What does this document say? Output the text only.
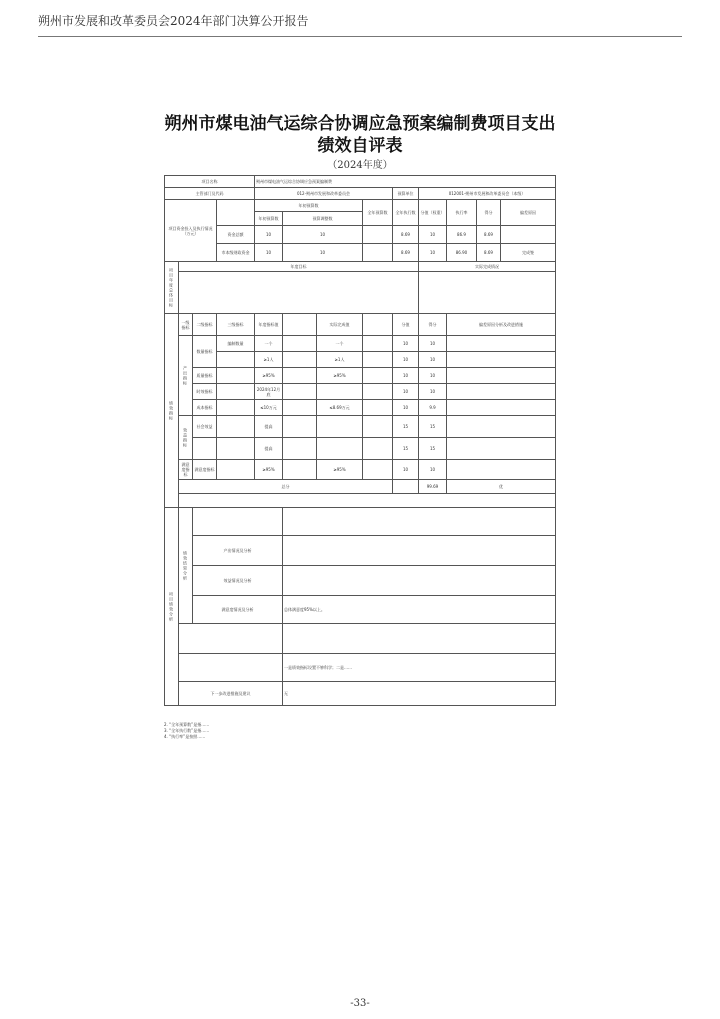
朔州市发展和改革委员会2024年部门决算公开报告
朔州市煤电油气运综合协调应急预案编制费项目支出
绩效自评表
（2024年度）
项目名称				朔州市煤电油气运综合协调应急预案编制费								
主管部门及代码				012-朔州市发展和改革委员会				预算单位	012001-朔州市发展和改革委员会（本级）			
项目资金投入及执行情况（万元）				年初预算数			全年预算数	全年执行数	分值（权重）	执行率	得分	偏差原因
				年初预算数	预算调整数							
			资金总额	10	10			8.69	10	86.9	8.69	
			市本级财政资金	10	10			8.69	10	86.90	8.69	完成签

项目年度总体目标	年度目标								实际完成情况			

绩效指标	一级指标	二级指标	三级指标	年度指标值		实际完成值		分值	得分	偏差原因分析及改进措施		

	产出指标	数量指标	编制数量	一个		一个		10	10			
				≥1人		≥1人		10	10			
		质量指标		≥95%		≥95%		10	10			
		时效指标		2024年12月底				10	10			
		成本指标		≤10万元		≤8.69万元		10	9.9			

	效益指标	社会效益		提高				15	15			
				提高				15	15			
	满意度指标	满意度指标		≥95%		≥95%		10	10			
	总分								99.69	优		

项目绩效分析	绩效结果分析											

		产出情况及分析										
		效益情况及分析										
		满意度情况及分析			总体满意度95%以上。							

					一是绩效指标设置不够科学；二是……							
	下一步改进措施及建议				无							
2. “全年预算数”是指……
3. “全年执行数”是指……
4. “执行率”是按照……
-33-
